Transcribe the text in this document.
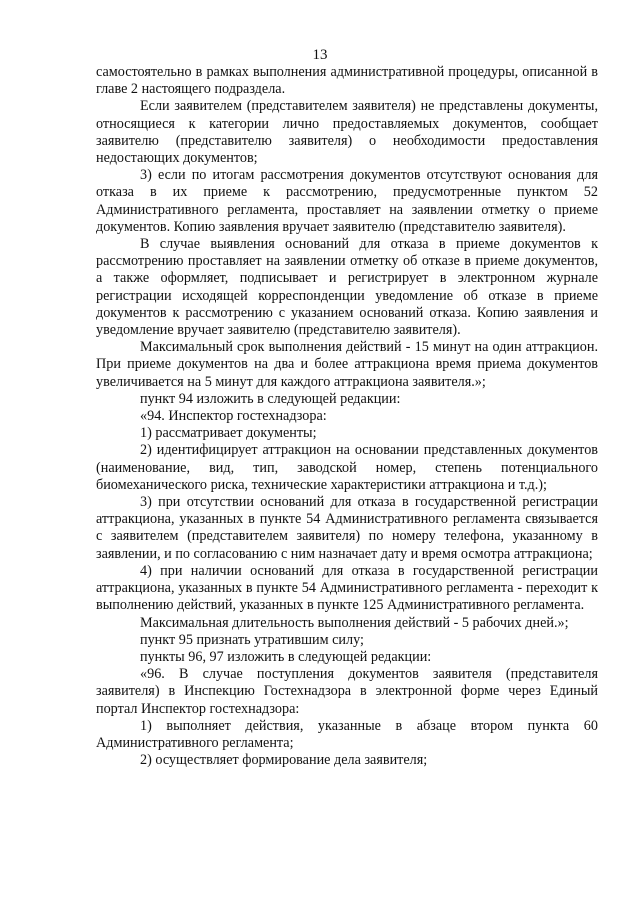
13

самостоятельно в рамках выполнения административной процедуры, описанной в главе 2 настоящего подраздела.

Если заявителем (представителем заявителя) не представлены документы, относящиеся к категории лично предоставляемых документов, сообщает заявителю (представителю заявителя) о необходимости предоставления недостающих документов;

3) если по итогам рассмотрения документов отсутствуют основания для отказа в их приеме к рассмотрению, предусмотренные пунктом 52 Административного регламента, проставляет на заявлении отметку о приеме документов. Копию заявления вручает заявителю (представителю заявителя).

В случае выявления оснований для отказа в приеме документов к рассмотрению проставляет на заявлении отметку об отказе в приеме документов, а также оформляет, подписывает и регистрирует в электронном журнале регистрации исходящей корреспонденции уведомление об отказе в приеме документов к рассмотрению с указанием оснований отказа. Копию заявления и уведомление вручает заявителю (представителю заявителя).

Максимальный срок выполнения действий - 15 минут на один аттракцион. При приеме документов на два и более аттракциона время приема документов увеличивается на 5 минут для каждого аттракциона заявителя.»;

пункт 94 изложить в следующей редакции:

«94. Инспектор гостехнадзора:

1) рассматривает документы;

2) идентифицирует аттракцион на основании представленных документов (наименование, вид, тип, заводской номер, степень потенциального биомеханического риска, технические характеристики аттракциона и т.д.);

3) при отсутствии оснований для отказа в государственной регистрации аттракциона, указанных в пункте 54 Административного регламента связывается с заявителем (представителем заявителя) по номеру телефона, указанному в заявлении, и по согласованию с ним назначает дату и время осмотра аттракциона;

4) при наличии оснований для отказа в государственной регистрации аттракциона, указанных в пункте 54 Административного регламента - переходит к выполнению действий, указанных в пункте 125 Административного регламента.

Максимальная длительность выполнения действий - 5 рабочих дней.»;

пункт 95 признать утратившим силу;

пункты 96, 97 изложить в следующей редакции:

«96. В случае поступления документов заявителя (представителя заявителя) в Инспекцию Гостехнадзора в электронной форме через Единый портал Инспектор гостехнадзора:

1) выполняет действия, указанные в абзаце втором пункта 60 Административного регламента;

2) осуществляет формирование дела заявителя;
